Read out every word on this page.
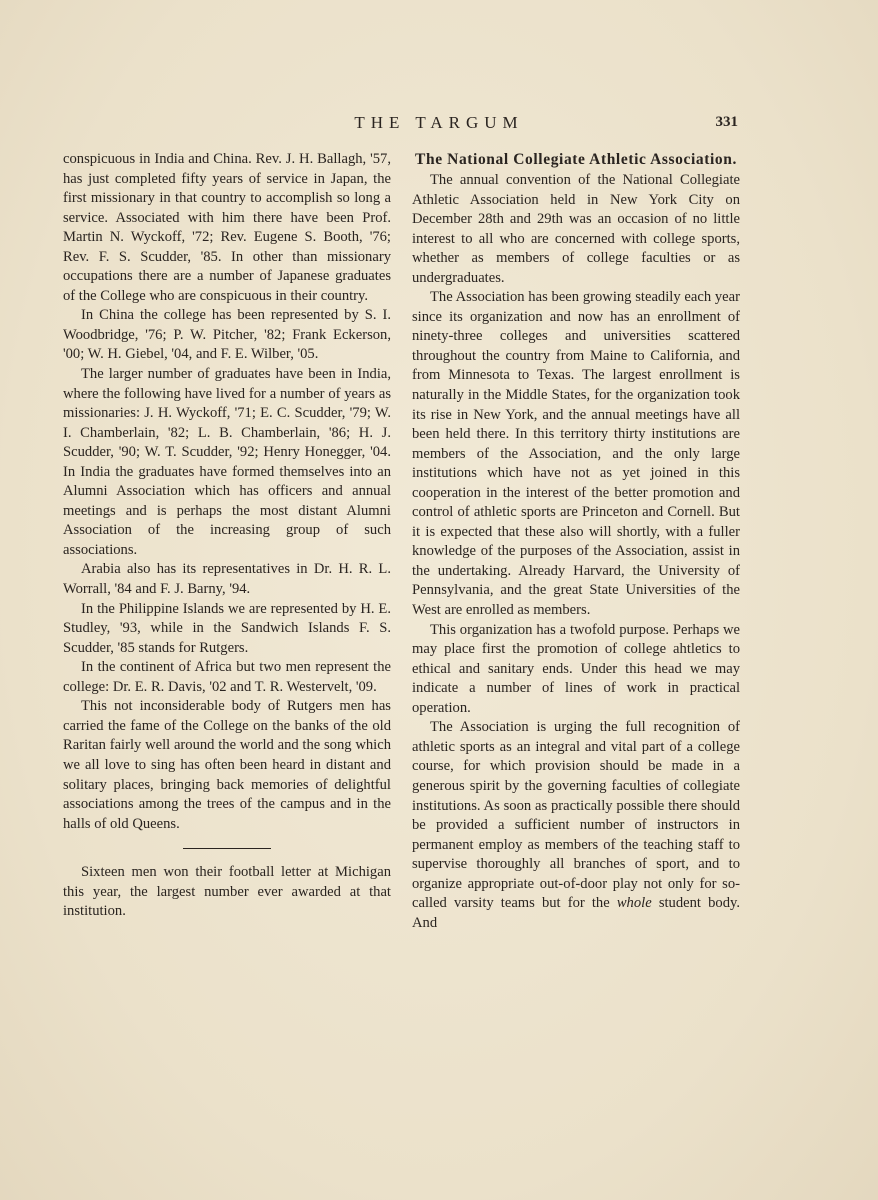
THE TARGUM	331

conspicuous in India and China. Rev. J. H. Ballagh, '57, has just completed fifty years of service in Japan, the first missionary in that country to accomplish so long a service. Associated with him there have been Prof. Martin N. Wyckoff, '72; Rev. Eugene S. Booth, '76; Rev. F. S. Scudder, '85. In other than missionary occupations there are a number of Japanese graduates of the College who are conspicuous in their country.

In China the college has been represented by S. I. Woodbridge, '76; P. W. Pitcher, '82; Frank Eckerson, '00; W. H. Giebel, '04, and F. E. Wilber, '05.

The larger number of graduates have been in India, where the following have lived for a number of years as missionaries: J. H. Wyckoff, '71; E. C. Scudder, '79; W. I. Chamberlain, '82; L. B. Chamberlain, '86; H. J. Scudder, '90; W. T. Scudder, '92; Henry Honegger, '04. In India the graduates have formed themselves into an Alumni Association which has officers and annual meetings and is perhaps the most distant Alumni Association of the increasing group of such associations.

Arabia also has its representatives in Dr. H. R. L. Worrall, '84 and F. J. Barny, '94.

In the Philippine Islands we are represented by H. E. Studley, '93, while in the Sandwich Islands F. S. Scudder, '85 stands for Rutgers.

In the continent of Africa but two men represent the college: Dr. E. R. Davis, '02 and T. R. Westervelt, '09.

This not inconsiderable body of Rutgers men has carried the fame of the College on the banks of the old Raritan fairly well around the world and the song which we all love to sing has often been heard in distant and solitary places, bringing back memories of delightful associations among the trees of the campus and in the halls of old Queens.

Sixteen men won their football letter at Michigan this year, the largest number ever awarded at that institution.

The National Collegiate Athletic Association.

The annual convention of the National Collegiate Athletic Association held in New York City on December 28th and 29th was an occasion of no little interest to all who are concerned with college sports, whether as members of college faculties or as undergraduates.

The Association has been growing steadily each year since its organization and now has an enrollment of ninety-three colleges and universities scattered throughout the country from Maine to California, and from Minnesota to Texas. The largest enrollment is naturally in the Middle States, for the organization took its rise in New York, and the annual meetings have all been held there. In this territory thirty institutions are members of the Association, and the only large institutions which have not as yet joined in this cooperation in the interest of the better promotion and control of athletic sports are Princeton and Cornell. But it is expected that these also will shortly, with a fuller knowledge of the purposes of the Association, assist in the undertaking. Already Harvard, the University of Pennsylvania, and the great State Universities of the West are enrolled as members.

This organization has a twofold purpose. Perhaps we may place first the promotion of college ahtletics to ethical and sanitary ends. Under this head we may indicate a number of lines of work in practical operation.

The Association is urging the full recognition of athletic sports as an integral and vital part of a college course, for which provision should be made in a generous spirit by the governing faculties of collegiate institutions. As soon as practically possible there should be provided a sufficient number of instructors in permanent employ as members of the teaching staff to supervise thoroughly all branches of sport, and to organize appropriate out-of-door play not only for so-called varsity teams but for the whole student body. And
